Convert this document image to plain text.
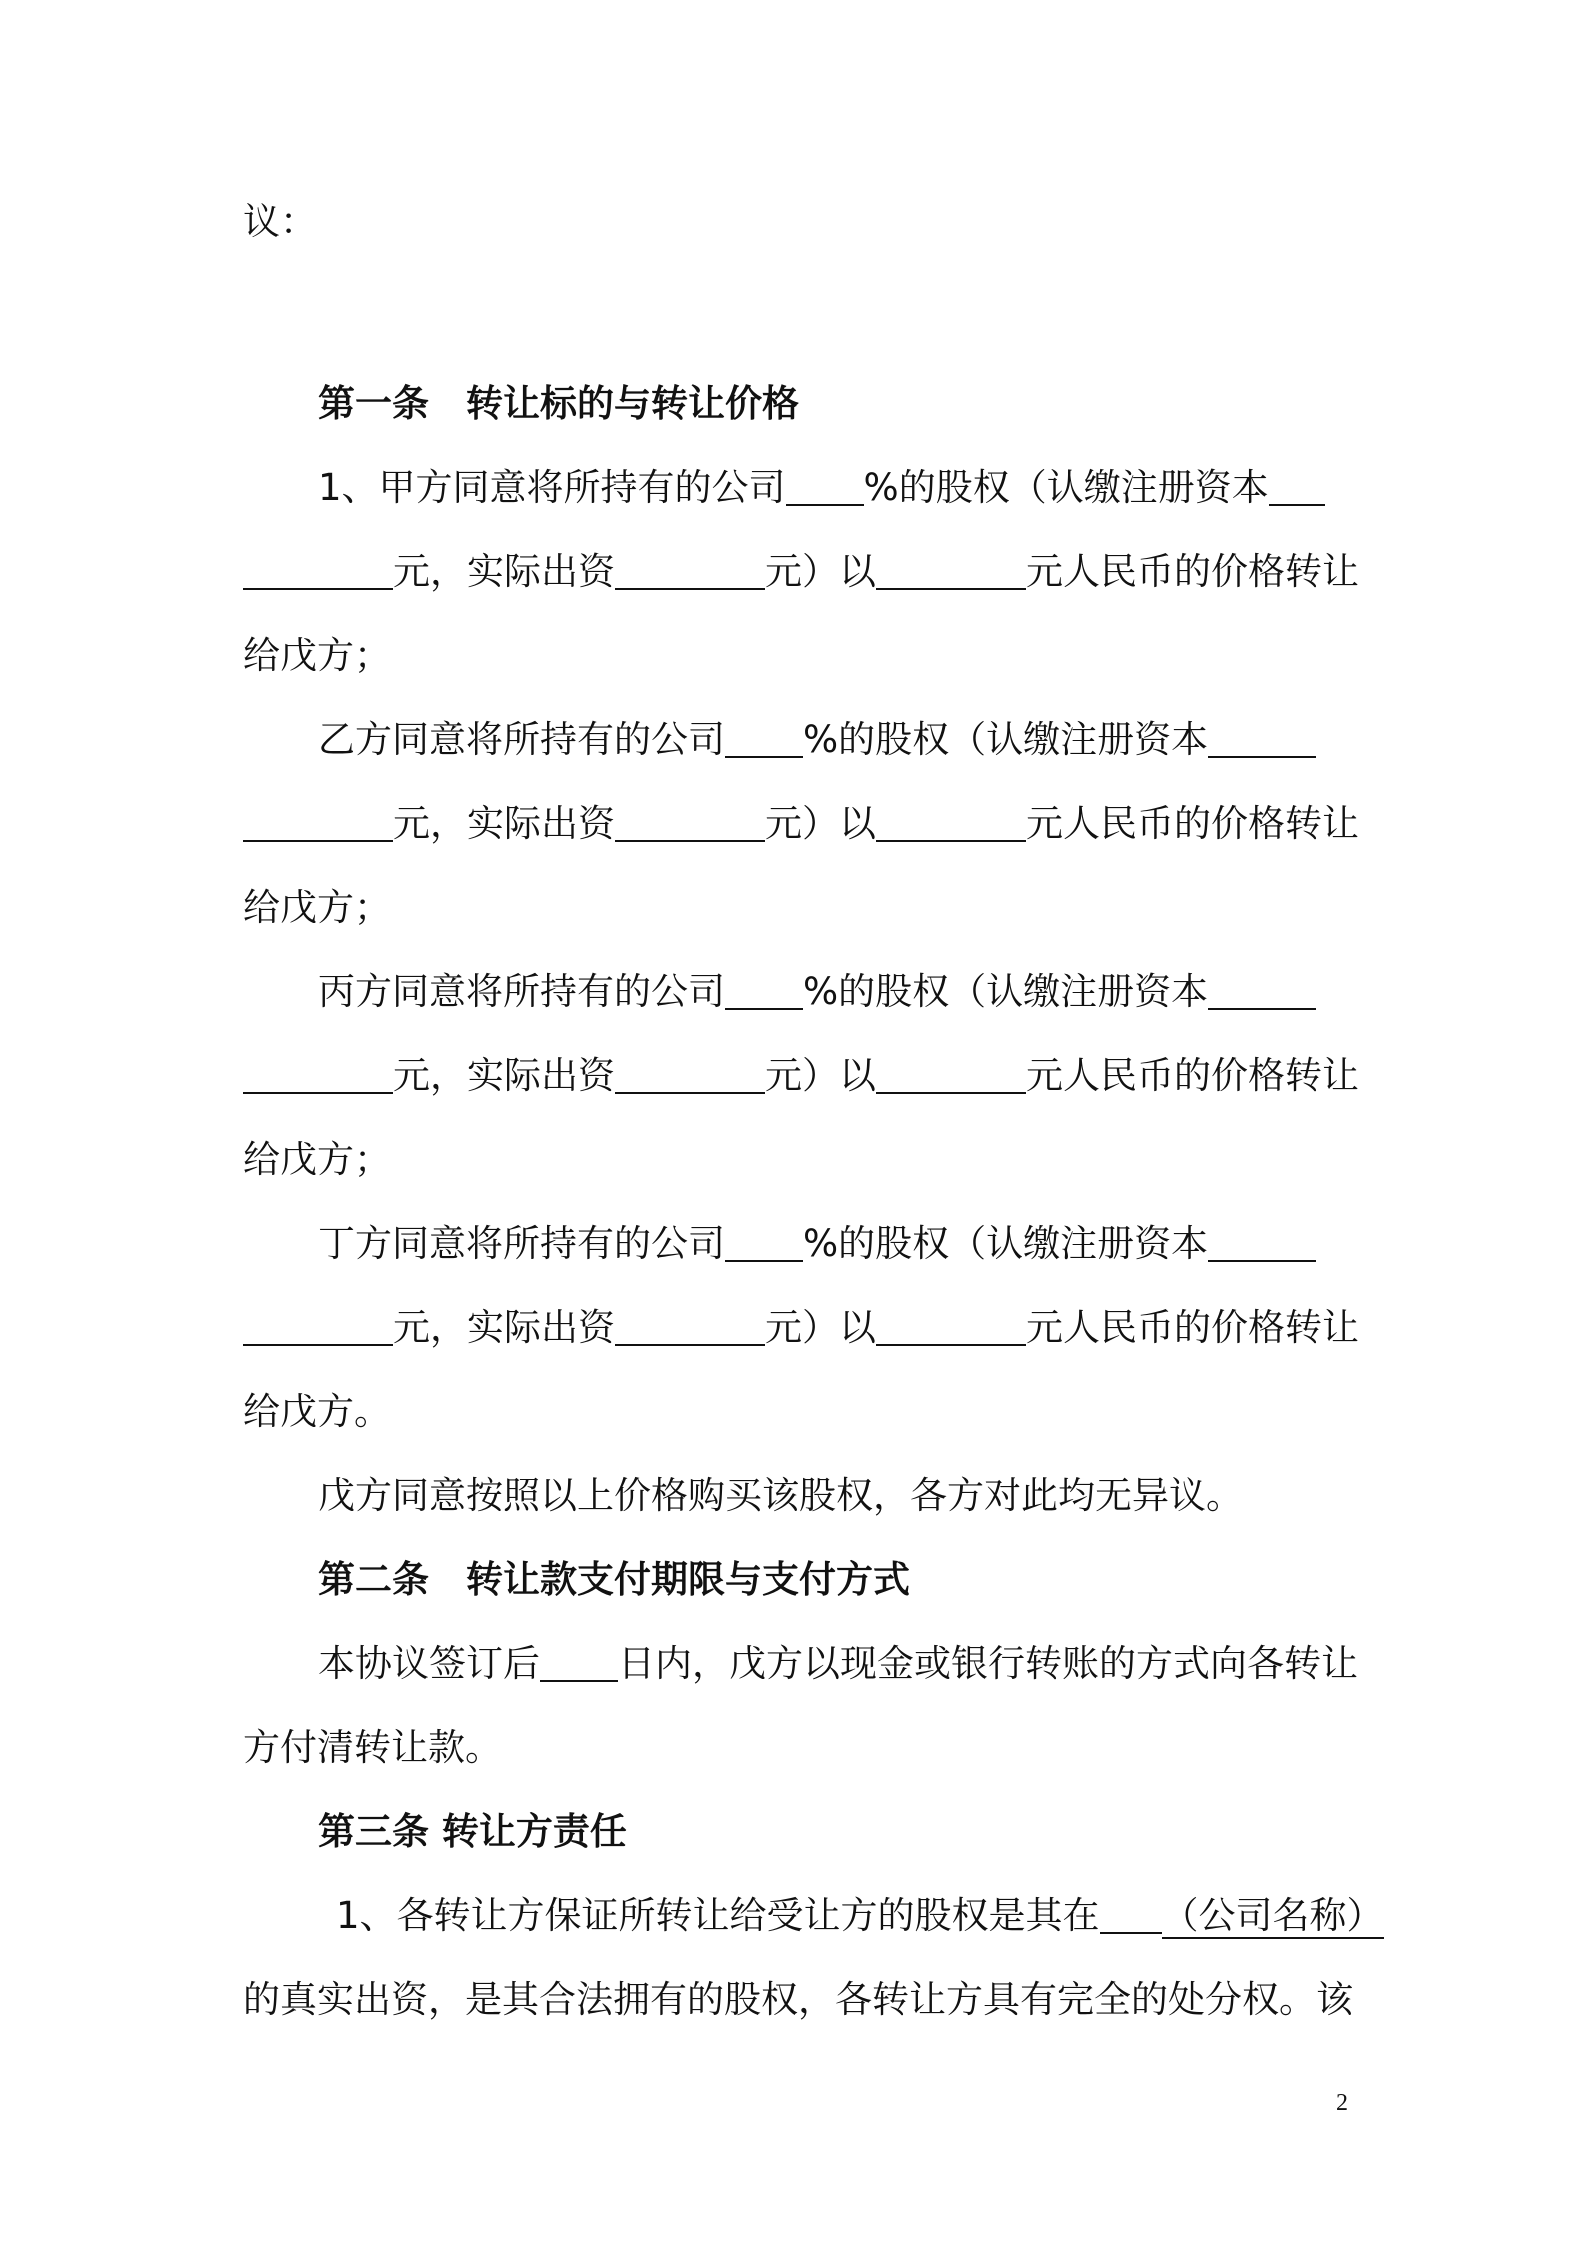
议：
第一条　转让标的与转让价格
1、甲方同意将所持有的公司 %的股权（认缴注册资本
元，实际出资	元）以	元人民币的价格转让
给戊方；
乙方同意将所持有的公司 %的股权（认缴注册资本
元，实际出资	元）以	元人民币的价格转让
给戊方；
丙方同意将所持有的公司 %的股权（认缴注册资本
元，实际出资	元）以	元人民币的价格转让
给戊方；
丁方同意将所持有的公司 %的股权（认缴注册资本
元，实际出资	元）以	元人民币的价格转让
给戊方。
戊方同意按照以上价格购买该股权，各方对此均无异议。
第二条　转让款支付期限与支付方式
本协议签订后 日内，戊方以现金或银行转账的方式向各转让
方付清转让款。
第三条 转让方责任
1、各转让方保证所转让给受让方的股权是其在 （公司名称）
的真实出资，是其合法拥有的股权，各转让方具有完全的处分权。该
2
